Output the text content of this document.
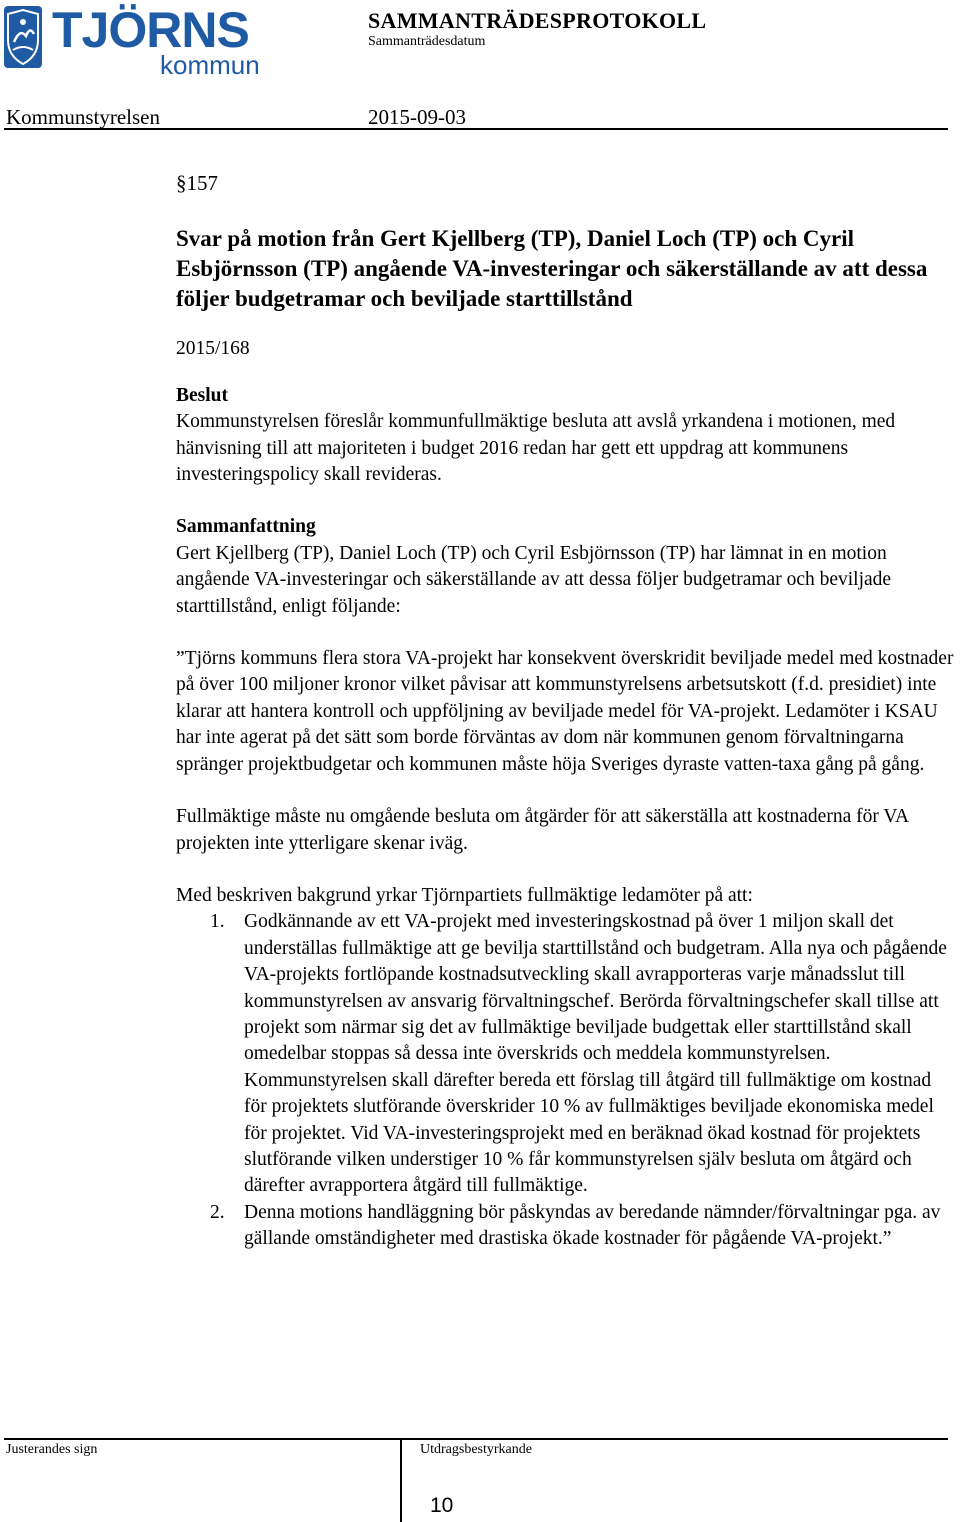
TJÖRNS
kommun
SAMMANTRÄDESPROTOKOLL
Sammanträdesdatum
Kommunstyrelsen	2015-09-03

§157

Svar på motion från Gert Kjellberg (TP), Daniel Loch (TP) och Cyril Esbjörnsson (TP) angående VA-investeringar och säkerställande av att dessa följer budgetramar och beviljade starttillstånd

2015/168

Beslut

Kommunstyrelsen föreslår kommunfullmäktige besluta att avslå yrkandena i motionen, med hänvisning till att majoriteten i budget 2016 redan har gett ett uppdrag att kommunens investeringspolicy skall revideras.

Sammanfattning

Gert Kjellberg (TP), Daniel Loch (TP) och Cyril Esbjörnsson (TP) har lämnat in en motion angående VA-investeringar och säkerställande av att dessa följer budgetramar och beviljade starttillstånd, enligt följande:

”Tjörns kommuns flera stora VA-projekt har konsekvent överskridit beviljade medel med kostnader på över 100 miljoner kronor vilket påvisar att kommunstyrelsens arbetsutskott (f.d. presidiet) inte klarar att hantera kontroll och uppföljning av beviljade medel för VA-projekt. Ledamöter i KSAU har inte agerat på det sätt som borde förväntas av dom när kommunen genom förvaltningarna spränger projektbudgetar och kommunen måste höja Sveriges dyraste vatten-taxa gång på gång.

Fullmäktige måste nu omgående besluta om åtgärder för att säkerställa att kostnaderna för VA projekten inte ytterligare skenar iväg.

Med beskriven bakgrund yrkar Tjörnpartiets fullmäktige ledamöter på att:

1. Godkännande av ett VA-projekt med investeringskostnad på över 1 miljon skall det underställas fullmäktige att ge bevilja starttillstånd och budgetram. Alla nya och pågående VA-projekts fortlöpande kostnadsutveckling skall avrapporteras varje månadsslut till kommunstyrelsen av ansvarig förvaltningschef. Berörda förvaltningschefer skall tillse att projekt som närmar sig det av fullmäktige beviljade budgettak eller starttillstånd skall omedelbar stoppas så dessa inte överskrids och meddela kommunstyrelsen. Kommunstyrelsen skall därefter bereda ett förslag till åtgärd till fullmäktige om kostnad för projektets slutförande överskrider 10 % av fullmäktiges beviljade ekonomiska medel för projektet. Vid VA-investeringsprojekt med en beräknad ökad kostnad för projektets slutförande vilken understiger 10 % får kommunstyrelsen själv besluta om åtgärd och därefter avrapportera åtgärd till fullmäktige.
2. Denna motions handläggning bör påskyndas av beredande nämnder/förvaltningar pga. av gällande omständigheter med drastiska ökade kostnader för pågående VA-projekt.”
Justerandes sign	Utdragsbestyrkande
10
